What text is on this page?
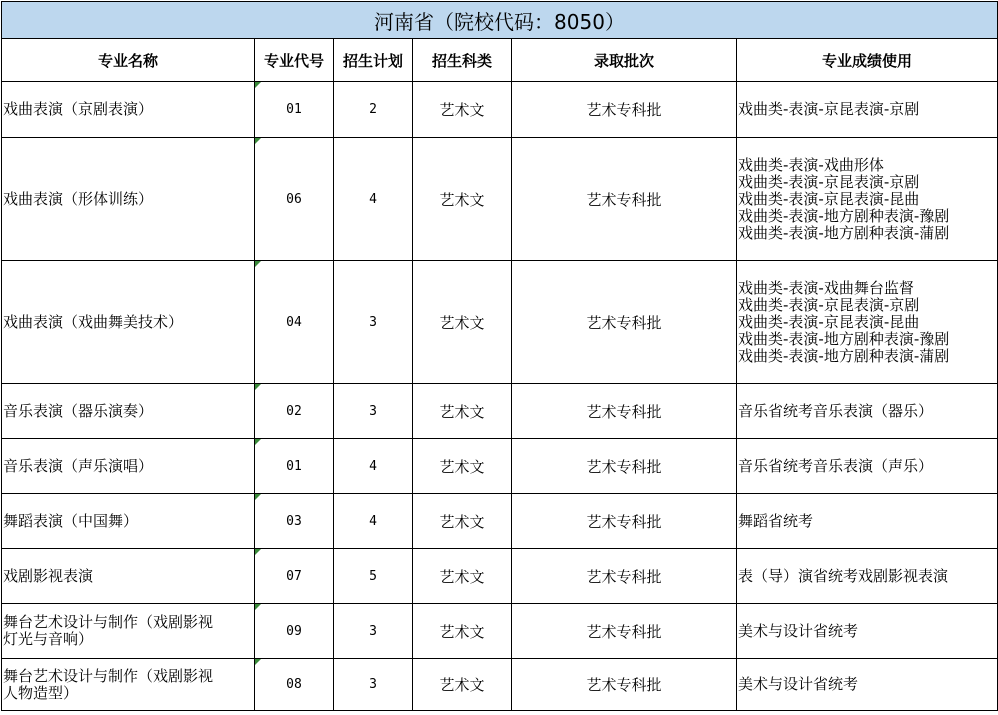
河南省（院校代码：8050）					
专业名称	专业代号	招生计划	招生科类	录取批次	专业成绩使用

戏曲表演（京剧表演）	01	2	艺术文	艺术专科批	戏曲类-表演-京昆表演-京剧

戏曲表演（形体训练）	06	4	艺术文	艺术专科批	戏曲类-表演-戏曲形体
戏曲类-表演-京昆表演-京剧
戏曲类-表演-京昆表演-昆曲
戏曲类-表演-地方剧种表演-豫剧
戏曲类-表演-地方剧种表演-蒲剧

戏曲表演（戏曲舞美技术）	04	3	艺术文	艺术专科批	戏曲类-表演-戏曲舞台监督
戏曲类-表演-京昆表演-京剧
戏曲类-表演-京昆表演-昆曲
戏曲类-表演-地方剧种表演-豫剧
戏曲类-表演-地方剧种表演-蒲剧

音乐表演（器乐演奏）	02	3	艺术文	艺术专科批	音乐省统考音乐表演（器乐）

音乐表演（声乐演唱）	01	4	艺术文	艺术专科批	音乐省统考音乐表演（声乐）

舞蹈表演（中国舞）	03	4	艺术文	艺术专科批	舞蹈省统考

戏剧影视表演	07	5	艺术文	艺术专科批	表（导）演省统考戏剧影视表演

舞台艺术设计与制作（戏剧影视
灯光与音响）	09	3	艺术文	艺术专科批	美术与设计省统考

舞台艺术设计与制作（戏剧影视
人物造型）	08	3	艺术文	艺术专科批	美术与设计省统考
